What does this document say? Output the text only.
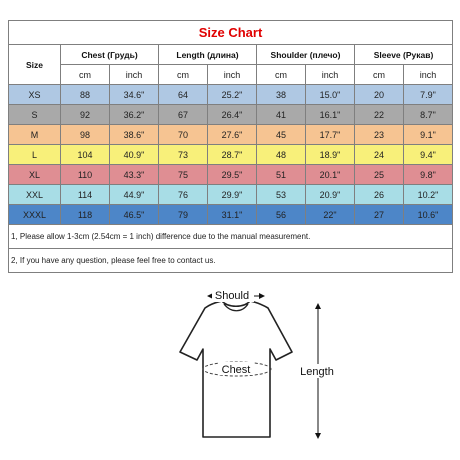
Size Chart								
Size	Chest (Грудь)		Length (длина)		Shoulder (плечо)		Sleeve (Рукав)	
	cm	inch	cm	inch	cm	inch	cm	inch
XS	88	34.6"	64	25.2"	38	15.0"	20	7.9"
S	92	36.2"	67	26.4"	41	16.1"	22	8.7"
M	98	38.6"	70	27.6"	45	17.7"	23	9.1"
L	104	40.9"	73	28.7"	48	18.9"	24	9.4"
XL	110	43.3"	75	29.5"	51	20.1"	25	9.8"
XXL	114	44.9"	76	29.9"	53	20.9"	26	10.2"
XXXL	118	46.5"	79	31.1"	56	22"	27	10.6"
1, Please allow 1-3cm (2.54cm = 1 inch) difference due to the manual measurement.								
2, If you have any question, please feel free to contact us.								
Should
Chest	Length
